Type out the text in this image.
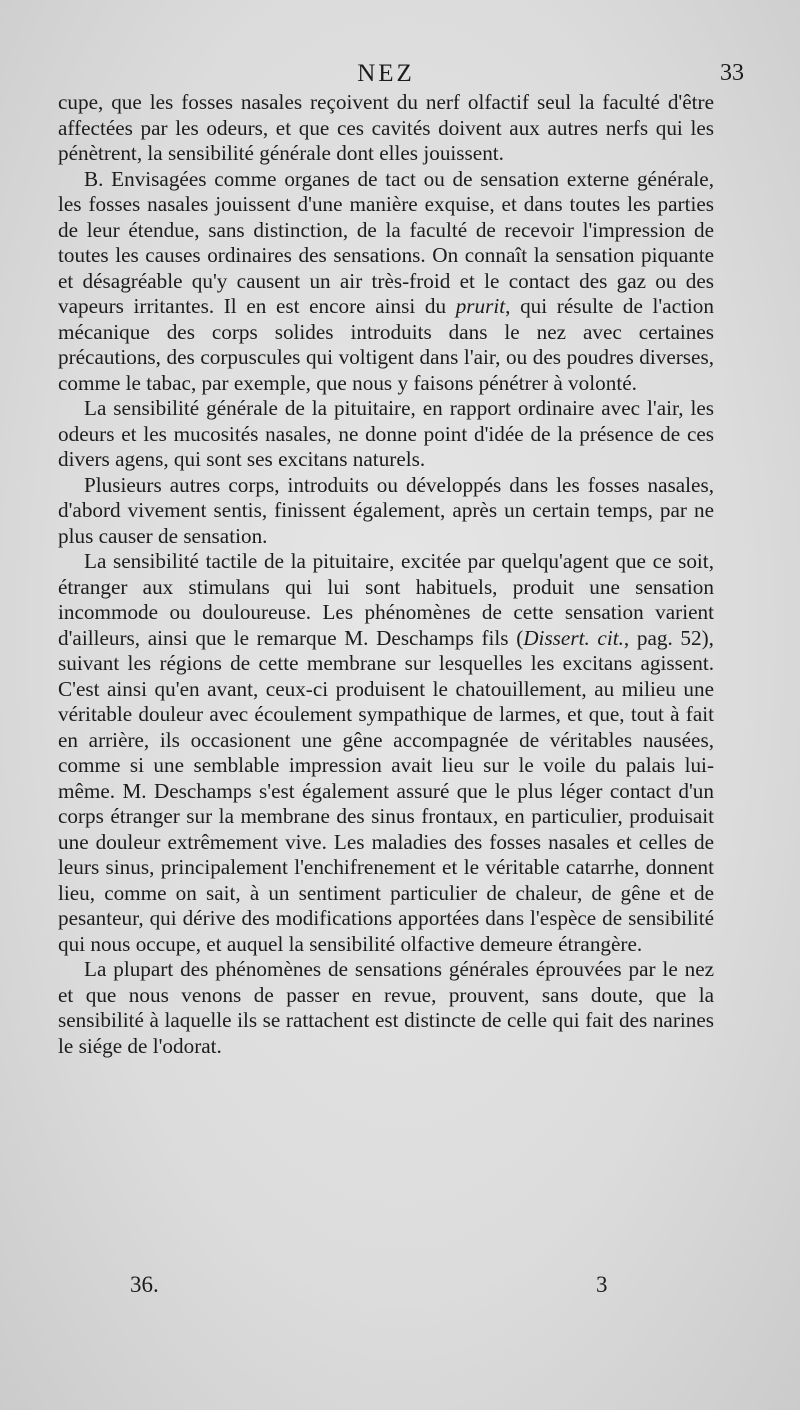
NEZ	33

cupe, que les fosses nasales reçoivent du nerf olfactif seul la faculté d'être affectées par les odeurs, et que ces cavités doivent aux autres nerfs qui les pénètrent, la sensibilité générale dont elles jouissent.

B. Envisagées comme organes de tact ou de sensation externe générale, les fosses nasales jouissent d'une manière exquise, et dans toutes les parties de leur étendue, sans distinction, de la faculté de recevoir l'impression de toutes les causes ordinaires des sensations. On connaît la sensation piquante et désagréable qu'y causent un air très-froid et le contact des gaz ou des vapeurs irritantes. Il en est encore ainsi du prurit, qui résulte de l'action mécanique des corps solides introduits dans le nez avec certaines précautions, des corpuscules qui voltigent dans l'air, ou des poudres diverses, comme le tabac, par exemple, que nous y faisons pénétrer à volonté.

La sensibilité générale de la pituitaire, en rapport ordinaire avec l'air, les odeurs et les mucosités nasales, ne donne point d'idée de la présence de ces divers agens, qui sont ses excitans naturels.

Plusieurs autres corps, introduits ou développés dans les fosses nasales, d'abord vivement sentis, finissent également, après un certain temps, par ne plus causer de sensation.

La sensibilité tactile de la pituitaire, excitée par quelqu'agent que ce soit, étranger aux stimulans qui lui sont habituels, produit une sensation incommode ou douloureuse. Les phénomènes de cette sensation varient d'ailleurs, ainsi que le remarque M. Deschamps fils (Dissert. cit., pag. 52), suivant les régions de cette membrane sur lesquelles les excitans agissent. C'est ainsi qu'en avant, ceux-ci produisent le chatouillement, au milieu une véritable douleur avec écoulement sympathique de larmes, et que, tout à fait en arrière, ils occasionent une gêne accompagnée de véritables nausées, comme si une semblable impression avait lieu sur le voile du palais lui-même. M. Deschamps s'est également assuré que le plus léger contact d'un corps étranger sur la membrane des sinus frontaux, en particulier, produisait une douleur extrêmement vive. Les maladies des fosses nasales et celles de leurs sinus, principalement l'enchifrenement et le véritable catarrhe, donnent lieu, comme on sait, à un sentiment particulier de chaleur, de gêne et de pesanteur, qui dérive des modifications apportées dans l'espèce de sensibilité qui nous occupe, et auquel la sensibilité olfactive demeure étrangère.

La plupart des phénomènes de sensations générales éprouvées par le nez et que nous venons de passer en revue, prouvent, sans doute, que la sensibilité à laquelle ils se rattachent est distincte de celle qui fait des narines le siége de l'odorat.

36.	3
